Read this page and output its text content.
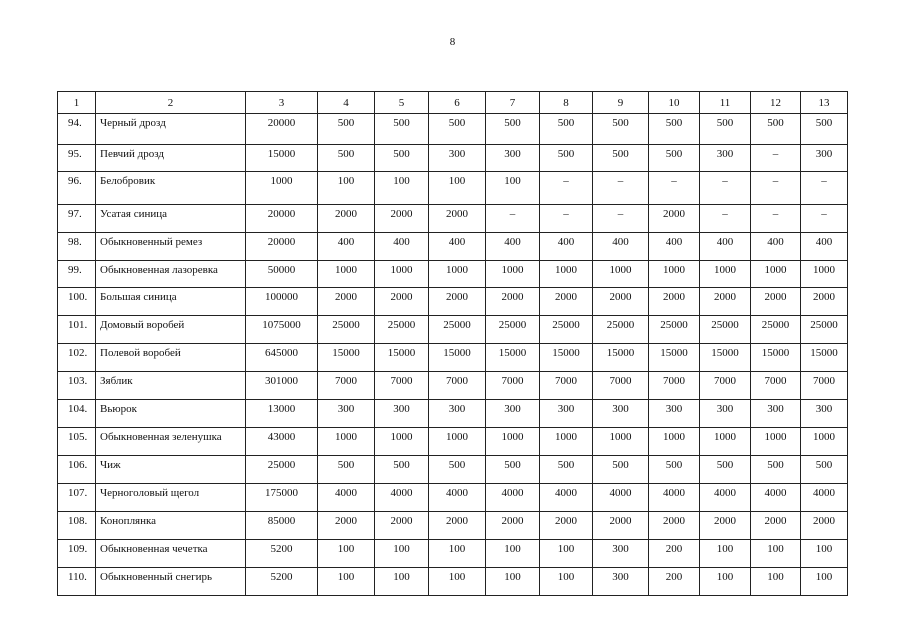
8
1	2	3	4	5	6	7	8	9	10	11	12	13
94.	Черный дрозд	20000	500	500	500	500	500	500	500	500	500	500
95.	Певчий дрозд	15000	500	500	300	300	500	500	500	300	–	300
96.	Белобровик	1000	100	100	100	100	–	–	–	–	–	–
97.	Усатая синица	20000	2000	2000	2000	–	–	–	2000	–	–	–
98.	Обыкновенный ремез	20000	400	400	400	400	400	400	400	400	400	400
99.	Обыкновенная лазоревка	50000	1000	1000	1000	1000	1000	1000	1000	1000	1000	1000
100.	Большая синица	100000	2000	2000	2000	2000	2000	2000	2000	2000	2000	2000
101.	Домовый воробей	1075000	25000	25000	25000	25000	25000	25000	25000	25000	25000	25000
102.	Полевой воробей	645000	15000	15000	15000	15000	15000	15000	15000	15000	15000	15000
103.	Зяблик	301000	7000	7000	7000	7000	7000	7000	7000	7000	7000	7000
104.	Вьюрок	13000	300	300	300	300	300	300	300	300	300	300
105.	Обыкновенная зеленушка	43000	1000	1000	1000	1000	1000	1000	1000	1000	1000	1000
106.	Чиж	25000	500	500	500	500	500	500	500	500	500	500
107.	Черноголовый щегол	175000	4000	4000	4000	4000	4000	4000	4000	4000	4000	4000
108.	Коноплянка	85000	2000	2000	2000	2000	2000	2000	2000	2000	2000	2000
109.	Обыкновенная чечетка	5200	100	100	100	100	100	300	200	100	100	100
110.	Обыкновенный снегирь	5200	100	100	100	100	100	300	200	100	100	100
